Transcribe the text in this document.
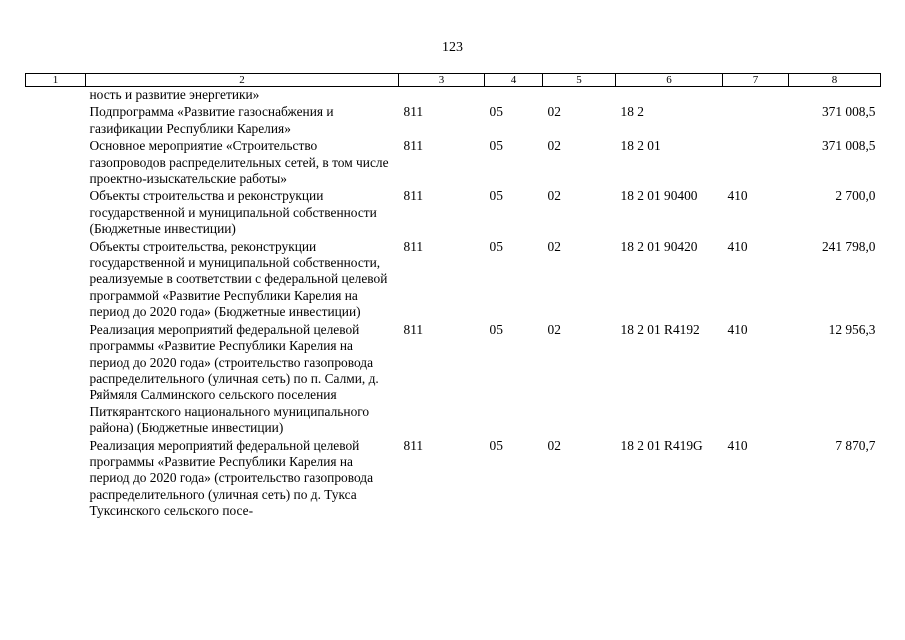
123
1	2	3	4	5	6	7	8
	ность и развитие энергетики»						
	Подпрограмма «Развитие газоснабжения и газификации Республики Карелия»	811	05	02	18 2		371 008,5
	Основное мероприятие «Строительство газопроводов распределительных сетей, в том числе проектно-изыскательские работы»	811	05	02	18 2 01		371 008,5
	Объекты строительства и реконструкции государственной и муниципальной собственности (Бюджетные инвестиции)	811	05	02	18 2 01 90400	410	2 700,0
	Объекты строительства, реконструкции государственной и муниципальной собственности, реализуемые в соответствии с федеральной целевой программой «Развитие Республики Карелия на период до 2020 года» (Бюджетные инвестиции)	811	05	02	18 2 01 90420	410	241 798,0
	Реализация мероприятий федеральной целевой программы «Развитие Республики Карелия на период до 2020 года» (строительство газопровода распределительного (уличная сеть) по п. Салми, д. Ряймяля Салминского сельского поселения Питкярантского национального муниципального района) (Бюджетные инвестиции)	811	05	02	18 2 01 R4192	410	12 956,3
	Реализация мероприятий федеральной целевой программы «Развитие Республики Карелия на период до 2020 года» (строительство газопровода распределительного (уличная сеть) по д. Тукса Туксинского сельского посе-	811	05	02	18 2 01 R419G	410	7 870,7
